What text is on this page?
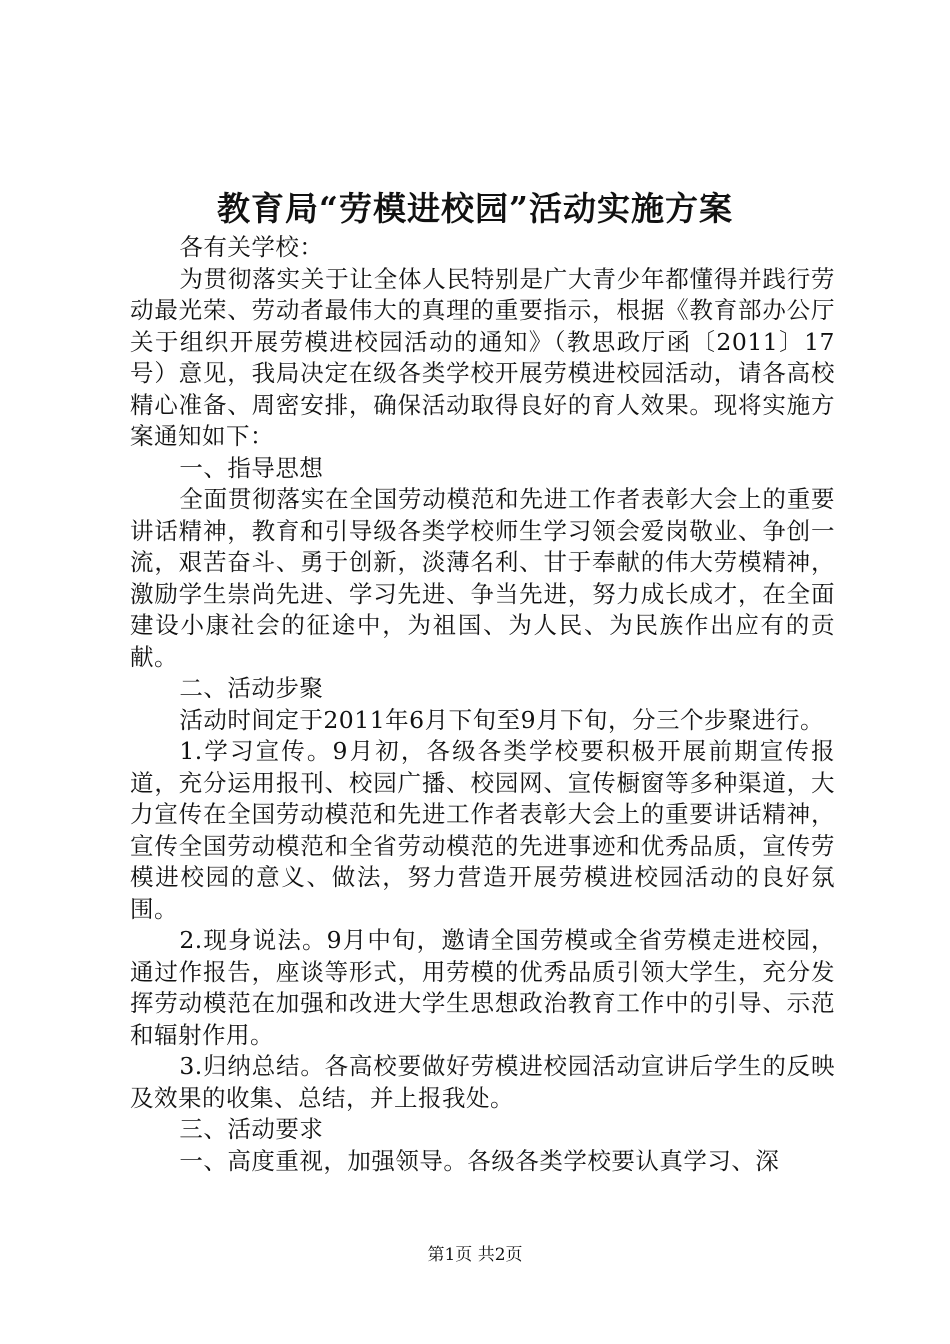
教育局“劳模进校园”活动实施方案

各有关学校：

为贯彻落实关于让全体人民特别是广大青少年都懂得并践行劳动最光荣、劳动者最伟大的真理的重要指示，根据《教育部办公厅关于组织开展劳模进校园活动的通知》（教思政厅函〔2011〕17号）意见，我局决定在级各类学校开展劳模进校园活动，请各高校精心准备、周密安排，确保活动取得良好的育人效果。现将实施方案通知如下：

一、指导思想

全面贯彻落实在全国劳动模范和先进工作者表彰大会上的重要讲话精神，教育和引导级各类学校师生学习领会爱岗敬业、争创一流，艰苦奋斗、勇于创新，淡薄名利、甘于奉献的伟大劳模精神，激励学生崇尚先进、学习先进、争当先进，努力成长成才，在全面建设小康社会的征途中，为祖国、为人民、为民族作出应有的贡献。

二、活动步聚

活动时间定于2011年6月下旬至9月下旬，分三个步聚进行。

1.学习宣传。9月初，各级各类学校要积极开展前期宣传报道，充分运用报刊、校园广播、校园网、宣传橱窗等多种渠道，大力宣传在全国劳动模范和先进工作者表彰大会上的重要讲话精神，宣传全国劳动模范和全省劳动模范的先进事迹和优秀品质，宣传劳模进校园的意义、做法，努力营造开展劳模进校园活动的良好氛围。

2.现身说法。9月中旬，邀请全国劳模或全省劳模走进校园，通过作报告，座谈等形式，用劳模的优秀品质引领大学生，充分发挥劳动模范在加强和改进大学生思想政治教育工作中的引导、示范和辐射作用。

3.归纳总结。各高校要做好劳模进校园活动宣讲后学生的反映及效果的收集、总结，并上报我处。

三、活动要求

一、高度重视，加强领导。各级各类学校要认真学习、深

第1页 共2页
